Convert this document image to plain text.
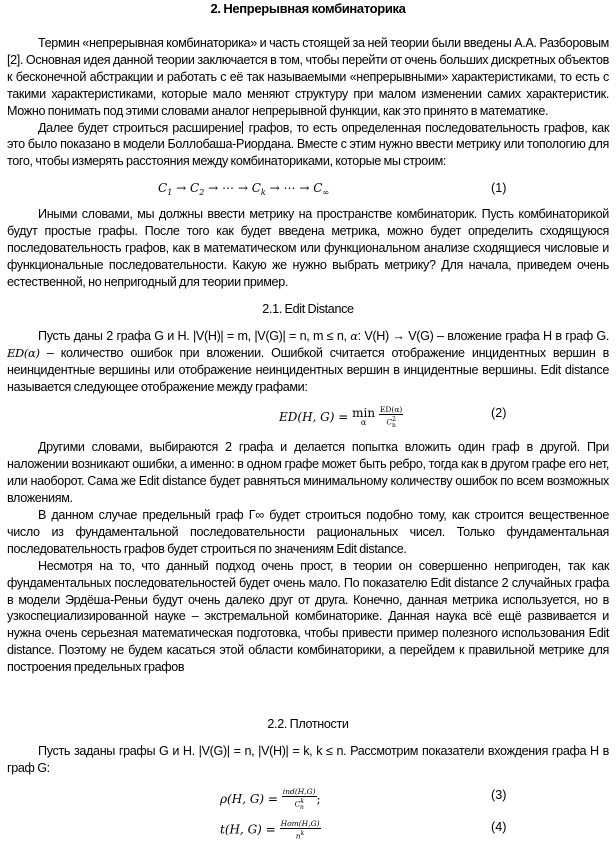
2. Непрерывная комбинаторика

Термин «непрерывная комбинаторика» и часть стоящей за ней теории были введены А.А. Разборовым [2]. Основная идея данной теории заключается в том, чтобы перейти от очень больших дискретных объектов к бесконечной абстракции и работать с её так называемыми «непрерывными» характеристиками, то есть с такими характеристиками, которые мало меняют структуру при малом изменении самих характеристик. Можно понимать под этими словами аналог непрерывной функции, как это принято в математике.

Далее будет строиться расширение графов, то есть определенная последовательность графов, как это было показано в модели Боллобаша-Риордана. Вместе с этим нужно ввести метрику или топологию для того, чтобы измерять расстояния между комбинаториками, которые мы строим:

$C_1 \to C_2$ → ⋯ → $C_k$ → ⋯ → $C_\infty$	(1)

Иными словами, мы должны ввести метрику на пространстве комбинаторик. Пусть комбинаторикой будут простые графы. После того как будет введена метрика, можно будет определить сходящуюся последовательность графов, как в математическом или функциональном анализе сходящиеся числовые и функциональные последовательности. Какую же нужно выбрать метрику? Для начала, приведем очень естественной, но непригодный для теории пример.

2.1. Edit Distance

Пусть даны 2 графа G и H. |V(H)| = m, |V(G)| = n, m ≤ n, α: V(H) → V(G) – вложение графа H в граф G. ED(α) – количество ошибок при вложении. Ошибкой считается отображение инцидентных вершин в неинцидентные вершины или отображение неинцидентных вершин в инцидентные вершины. Edit distance называется следующее отображение между графами:

ED(H, G) = min
α
	$\frac{ED(\alpha)}{C^2_n}$	(2)

Другими словами, выбираются 2 графа и делается попытка вложить один граф в другой. При наложении возникают ошибки, а именно: в одном графе может быть ребро, тогда как в другом графе его нет, или наоборот. Сама же Edit distance будет равняться минимальному количеству ошибок по всем возможных вложениям.

В данном случае предельный граф Γ∞ будет строиться подобно тому, как строится вещественное число из фундаментальной последовательности рациональных чисел. Только фундаментальная последовательность графов будет строиться по значениям Edit distance.

Несмотря на то, что данный подход очень прост, в теории он совершенно непригоден, так как фундаментальных последовательностей будет очень мало. По показателю Edit distance 2 случайных графа в модели Эрдёша-Реньи будут очень далеко друг от друга. Конечно, данная метрика используется, но в узкоспециализированной науке – экстремальной комбинаторике. Данная наука всё ещё развивается и нужна очень серьезная математическая подготовка, чтобы привести пример полезного использования Edit distance. Поэтому не будем касаться этой области комбинаторики, а перейдем к правильной метрике для построения предельных графов

2.2. Плотности

Пусть заданы графы G и H. |V(G)| = n, |V(H)| = k, k ≤ n. Рассмотрим показатели вхождения графа H в граф G:

ρ(H, $G) = \frac{\text{ind(H,G)}}{C^k_n}$ ;	(3)
t(H, $G) = \frac{\text{Hom(H,G)}}{n^k}$	(4)
